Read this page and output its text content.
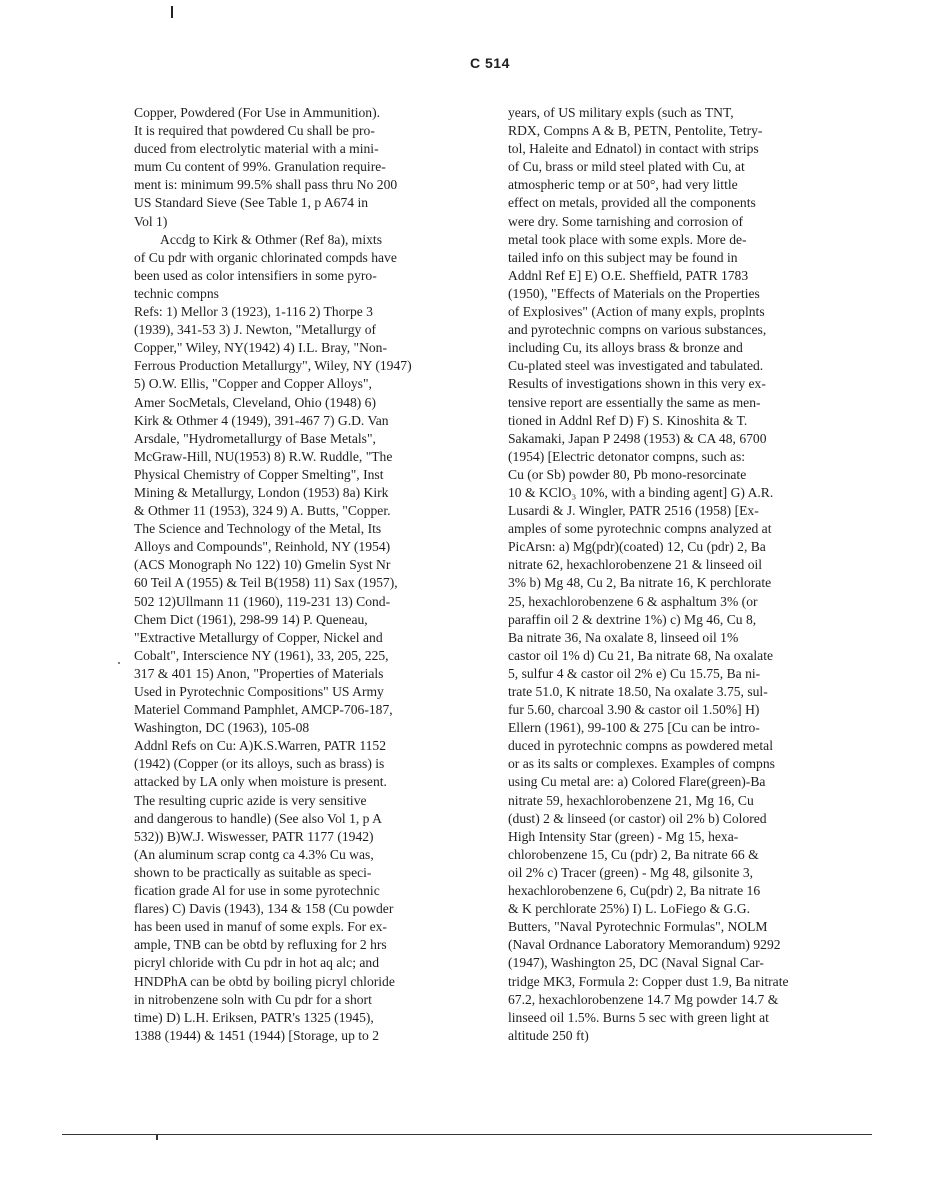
C 514
Copper, Powdered (For Use in Ammunition).
It is required that powdered Cu shall be pro-
duced from electrolytic material with a mini-
mum Cu content of 99%. Granulation require-
ment is: minimum 99.5% shall pass thru No 200
US Standard Sieve (See Table 1, p A674 in
Vol 1)
Accdg to Kirk & Othmer (Ref 8a), mixts
of Cu pdr with organic chlorinated compds have
been used as color intensifiers in some pyro-
technic compns
Refs: 1) Mellor 3 (1923), 1-116 2) Thorpe 3
(1939), 341-53 3) J. Newton, "Metallurgy of
Copper," Wiley, NY(1942) 4) I.L. Bray, "Non-
Ferrous Production Metallurgy", Wiley, NY (1947)
5) O.W. Ellis, "Copper and Copper Alloys",
Amer SocMetals, Cleveland, Ohio (1948) 6)
Kirk & Othmer 4 (1949), 391-467 7) G.D. Van
Arsdale, "Hydrometallurgy of Base Metals",
McGraw-Hill, NU(1953) 8) R.W. Ruddle, "The
Physical Chemistry of Copper Smelting", Inst
Mining & Metallurgy, London (1953) 8a) Kirk
& Othmer 11 (1953), 324 9) A. Butts, "Copper.
The Science and Technology of the Metal, Its
Alloys and Compounds", Reinhold, NY (1954)
(ACS Monograph No 122) 10) Gmelin Syst Nr
60 Teil A (1955) & Teil B(1958) 11) Sax (1957),
502 12)Ullmann 11 (1960), 119-231 13) Cond-
Chem Dict (1961), 298-99 14) P. Queneau,
"Extractive Metallurgy of Copper, Nickel and
Cobalt", Interscience NY (1961), 33, 205, 225,
317 & 401 15) Anon, "Properties of Materials
Used in Pyrotechnic Compositions" US Army
Materiel Command Pamphlet, AMCP-706-187,
Washington, DC (1963), 105-08
Addnl Refs on Cu: A)K.S.Warren, PATR 1152
(1942) (Copper (or its alloys, such as brass) is
attacked by LA only when moisture is present.
The resulting cupric azide is very sensitive
and dangerous to handle) (See also Vol 1, p A
532)) B)W.J. Wiswesser, PATR 1177 (1942)
(An aluminum scrap contg ca 4.3% Cu was,
shown to be practically as suitable as speci-
fication grade Al for use in some pyrotechnic
flares) C) Davis (1943), 134 & 158 (Cu powder
has been used in manuf of some expls. For ex-
ample, TNB can be obtd by refluxing for 2 hrs
picryl chloride with Cu pdr in hot aq alc; and
HNDPhA can be obtd by boiling picryl chloride
in nitrobenzene soln with Cu pdr for a short
time) D) L.H. Eriksen, PATR's 1325 (1945),
1388 (1944) & 1451 (1944) [Storage, up to 2
years, of US military expls (such as TNT,
RDX, Compns A & B, PETN, Pentolite, Tetry-
tol, Haleite and Ednatol) in contact with strips
of Cu, brass or mild steel plated with Cu, at
atmospheric temp or at 50°, had very little
effect on metals, provided all the components
were dry. Some tarnishing and corrosion of
metal took place with some expls. More de-
tailed info on this subject may be found in
Addnl Ref E] E) O.E. Sheffield, PATR 1783
(1950), "Effects of Materials on the Properties
of Explosives" (Action of many expls, proplnts
and pyrotechnic compns on various substances,
including Cu, its alloys brass & bronze and
Cu-plated steel was investigated and tabulated.
Results of investigations shown in this very ex-
tensive report are essentially the same as men-
tioned in Addnl Ref D) F) S. Kinoshita & T.
Sakamaki, Japan P 2498 (1953) & CA 48, 6700
(1954) [Electric detonator compns, such as:
Cu (or Sb) powder 80, Pb mono-resorcinate
10 & KClO₃ 10%, with a binding agent] G) A.R.
Lusardi & J. Wingler, PATR 2516 (1958) [Ex-
amples of some pyrotechnic compns analyzed at
PicArsn: a) Mg(pdr)(coated) 12, Cu (pdr) 2, Ba
nitrate 62, hexachlorobenzene 21 & linseed oil
3% b) Mg 48, Cu 2, Ba nitrate 16, K perchlorate
25, hexachlorobenzene 6 & asphaltum 3% (or
paraffin oil 2 & dextrine 1%) c) Mg 46, Cu 8,
Ba nitrate 36, Na oxalate 8, linseed oil 1%
castor oil 1% d) Cu 21, Ba nitrate 68, Na oxalate
5, sulfur 4 & castor oil 2% e) Cu 15.75, Ba ni-
trate 51.0, K nitrate 18.50, Na oxalate 3.75, sul-
fur 5.60, charcoal 3.90 & castor oil 1.50%] H)
Ellern (1961), 99-100 & 275 [Cu can be intro-
duced in pyrotechnic compns as powdered metal
or as its salts or complexes. Examples of compns
using Cu metal are: a) Colored Flare(green)-Ba
nitrate 59, hexachlorobenzene 21, Mg 16, Cu
(dust) 2 & linseed (or castor) oil 2% b) Colored
High Intensity Star (green) - Mg 15, hexa-
chlorobenzene 15, Cu (pdr) 2, Ba nitrate 66 &
oil 2% c) Tracer (green) - Mg 48, gilsonite 3,
hexachlorobenzene 6, Cu(pdr) 2, Ba nitrate 16
& K perchlorate 25%) I) L. LoFiego & G.G.
Butters, "Naval Pyrotechnic Formulas", NOLM
(Naval Ordnance Laboratory Memorandum) 9292
(1947), Washington 25, DC (Naval Signal Car-
tridge MK3, Formula 2: Copper dust 1.9, Ba nitrate
67.2, hexachlorobenzene 14.7 Mg powder 14.7 &
linseed oil 1.5%. Burns 5 sec with green light at
altitude 250 ft)
